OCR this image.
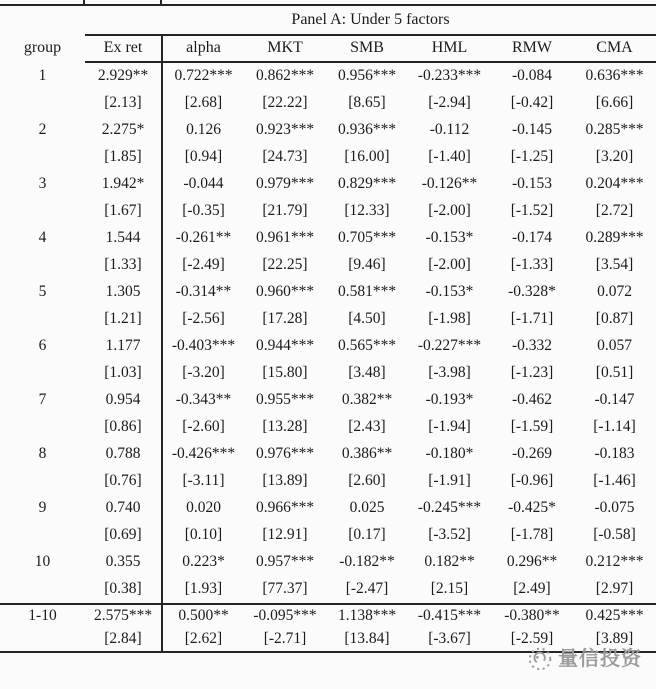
	Panel A: Under 5 factors						
group	Ex ret	alpha	MKT	SMB	HML	RMW	CMA
1	2.929**	0.722***	0.862***	0.956***	-0.233***	-0.084	0.636***
	[2.13]	[2.68]	[22.22]	[8.65]	[-2.94]	[-0.42]	[6.66]
2	2.275*	0.126	0.923***	0.936***	-0.112	-0.145	0.285***
	[1.85]	[0.94]	[24.73]	[16.00]	[-1.40]	[-1.25]	[3.20]
3	1.942*	-0.044	0.979***	0.829***	-0.126**	-0.153	0.204***
	[1.67]	[-0.35]	[21.79]	[12.33]	[-2.00]	[-1.52]	[2.72]
4	1.544	-0.261**	0.961***	0.705***	-0.153*	-0.174	0.289***
	[1.33]	[-2.49]	[22.25]	[9.46]	[-2.00]	[-1.33]	[3.54]
5	1.305	-0.314**	0.960***	0.581***	-0.153*	-0.328*	0.072
	[1.21]	[-2.56]	[17.28]	[4.50]	[-1.98]	[-1.71]	[0.87]
6	1.177	-0.403***	0.944***	0.565***	-0.227***	-0.332	0.057
	[1.03]	[-3.20]	[15.80]	[3.48]	[-3.98]	[-1.23]	[0.51]
7	0.954	-0.343**	0.955***	0.382**	-0.193*	-0.462	-0.147
	[0.86]	[-2.60]	[13.28]	[2.43]	[-1.94]	[-1.59]	[-1.14]
8	0.788	-0.426***	0.976***	0.386**	-0.180*	-0.269	-0.183
	[0.76]	[-3.11]	[13.89]	[2.60]	[-1.91]	[-0.96]	[-1.46]
9	0.740	0.020	0.966***	0.025	-0.245***	-0.425*	-0.075
	[0.69]	[0.10]	[12.91]	[0.17]	[-3.52]	[-1.78]	[-0.58]
10	0.355	0.223*	0.957***	-0.182**	0.182**	0.296**	0.212***
	[0.38]	[1.93]	[77.37]	[-2.47]	[2.15]	[2.49]	[2.97]
1-10	2.575***	0.500**	-0.095***	1.138***	-0.415***	-0.380**	0.425***
	[2.84]	[2.62]	[-2.71]	[13.84]	[-3.67]	[-2.59]	[3.89]
量信投资
